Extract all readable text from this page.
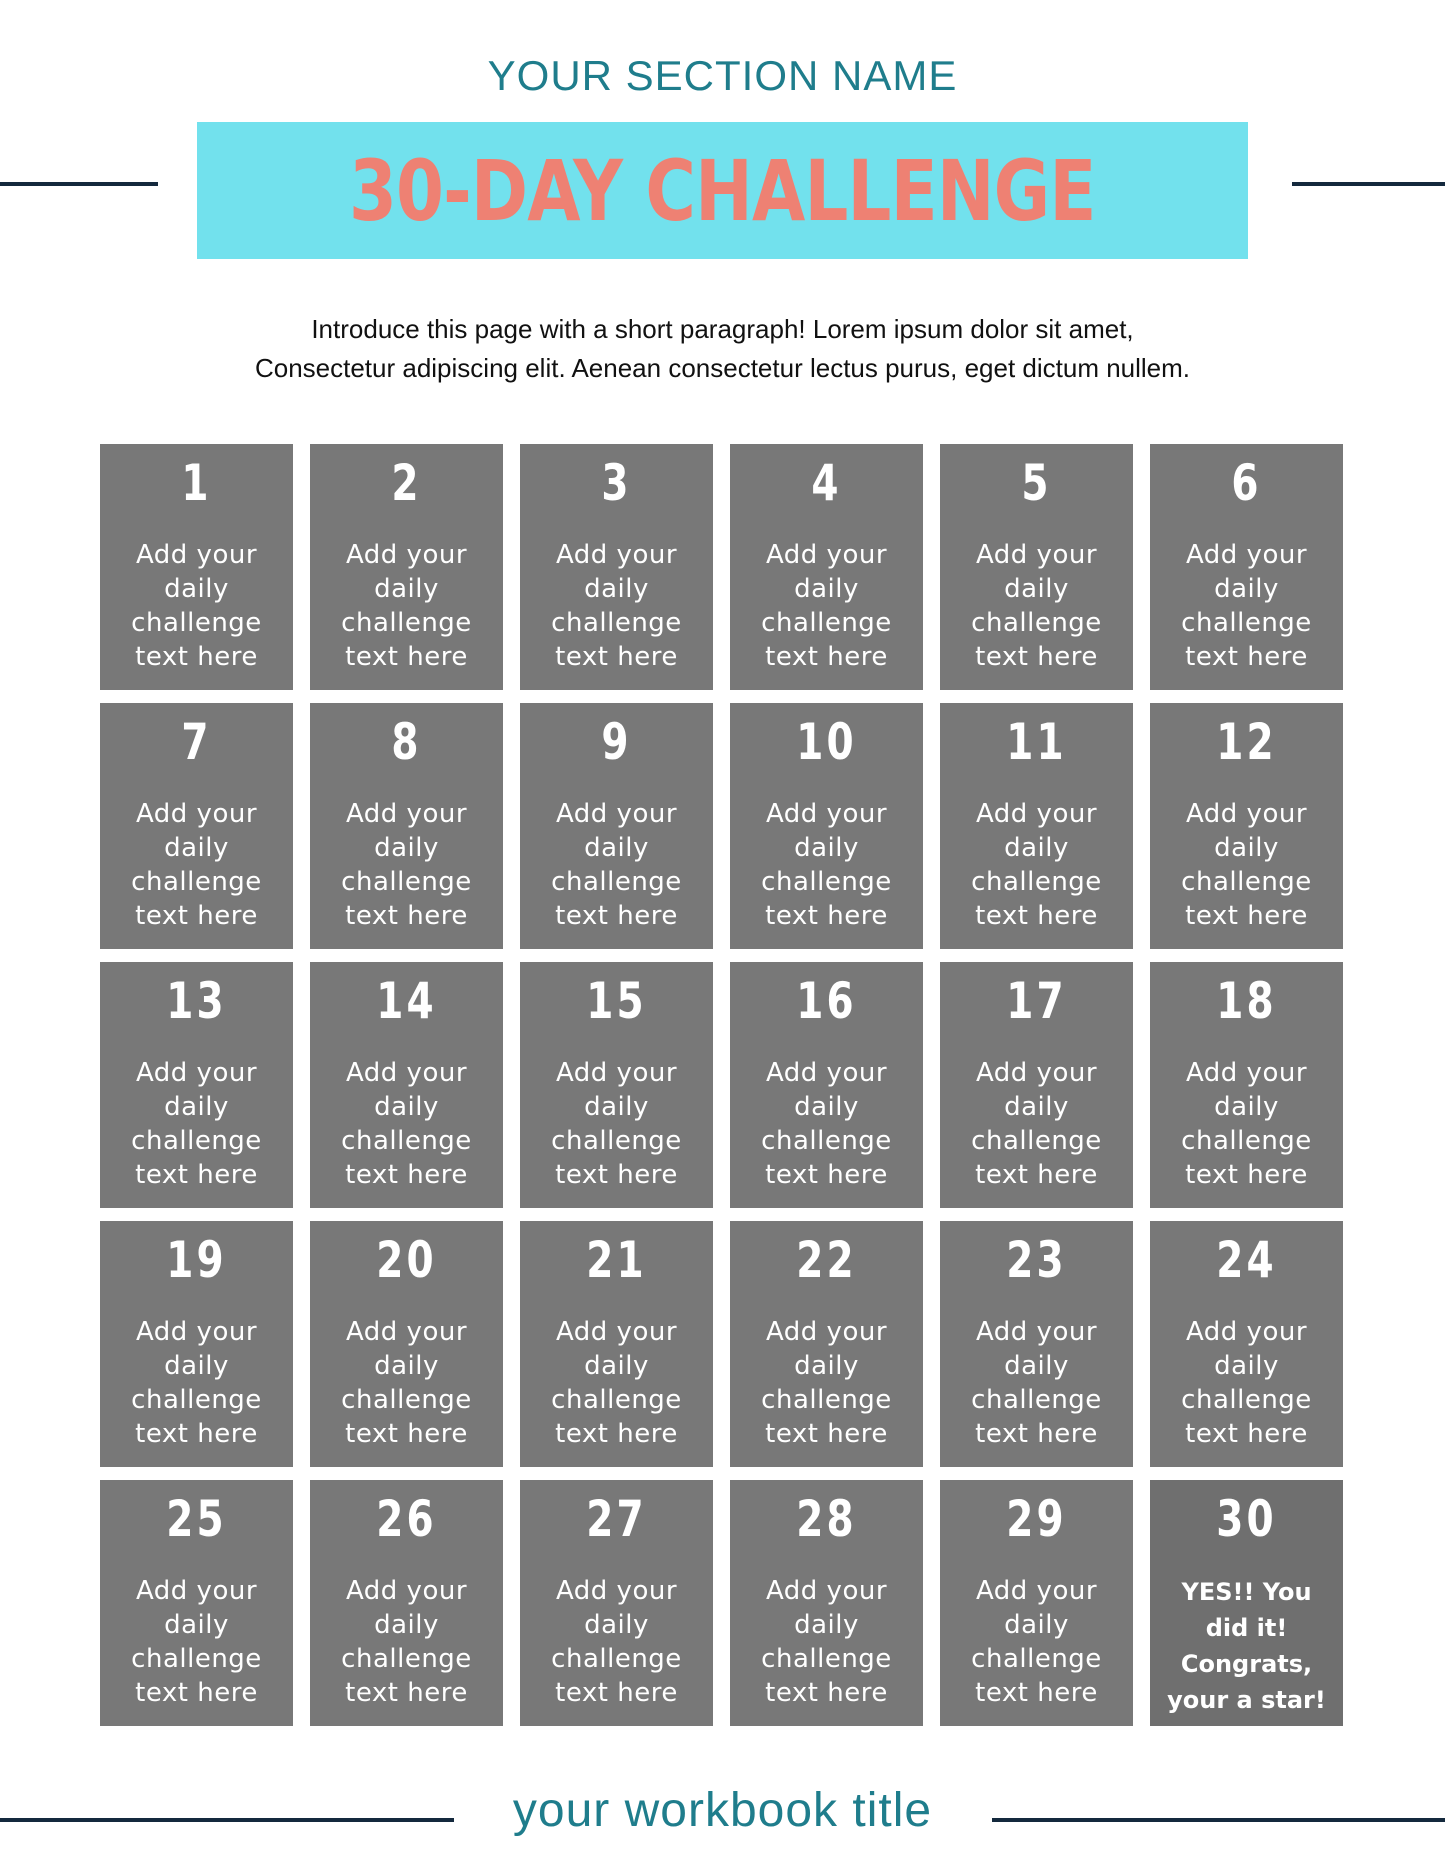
YOUR SECTION NAME
30-DAY CHALLENGE
Introduce this page with a short paragraph! Lorem ipsum dolor sit amet,
Consectetur adipiscing elit. Aenean consectetur lectus purus, eget dictum nullem.
1
Add your daily challenge text here
2
Add your daily challenge text here
3
Add your daily challenge text here
4
Add your daily challenge text here
5
Add your daily challenge text here
6
Add your daily challenge text here
7
Add your daily challenge text here
8
Add your daily challenge text here
9
Add your daily challenge text here
10
Add your daily challenge text here
11
Add your daily challenge text here
12
Add your daily challenge text here
13
Add your daily challenge text here
14
Add your daily challenge text here
15
Add your daily challenge text here
16
Add your daily challenge text here
17
Add your daily challenge text here
18
Add your daily challenge text here
19
Add your daily challenge text here
20
Add your daily challenge text here
21
Add your daily challenge text here
22
Add your daily challenge text here
23
Add your daily challenge text here
24
Add your daily challenge text here
25
Add your daily challenge text here
26
Add your daily challenge text here
27
Add your daily challenge text here
28
Add your daily challenge text here
29
Add your daily challenge text here
30
YES!! You did it! Congrats, your a star!
your workbook title
